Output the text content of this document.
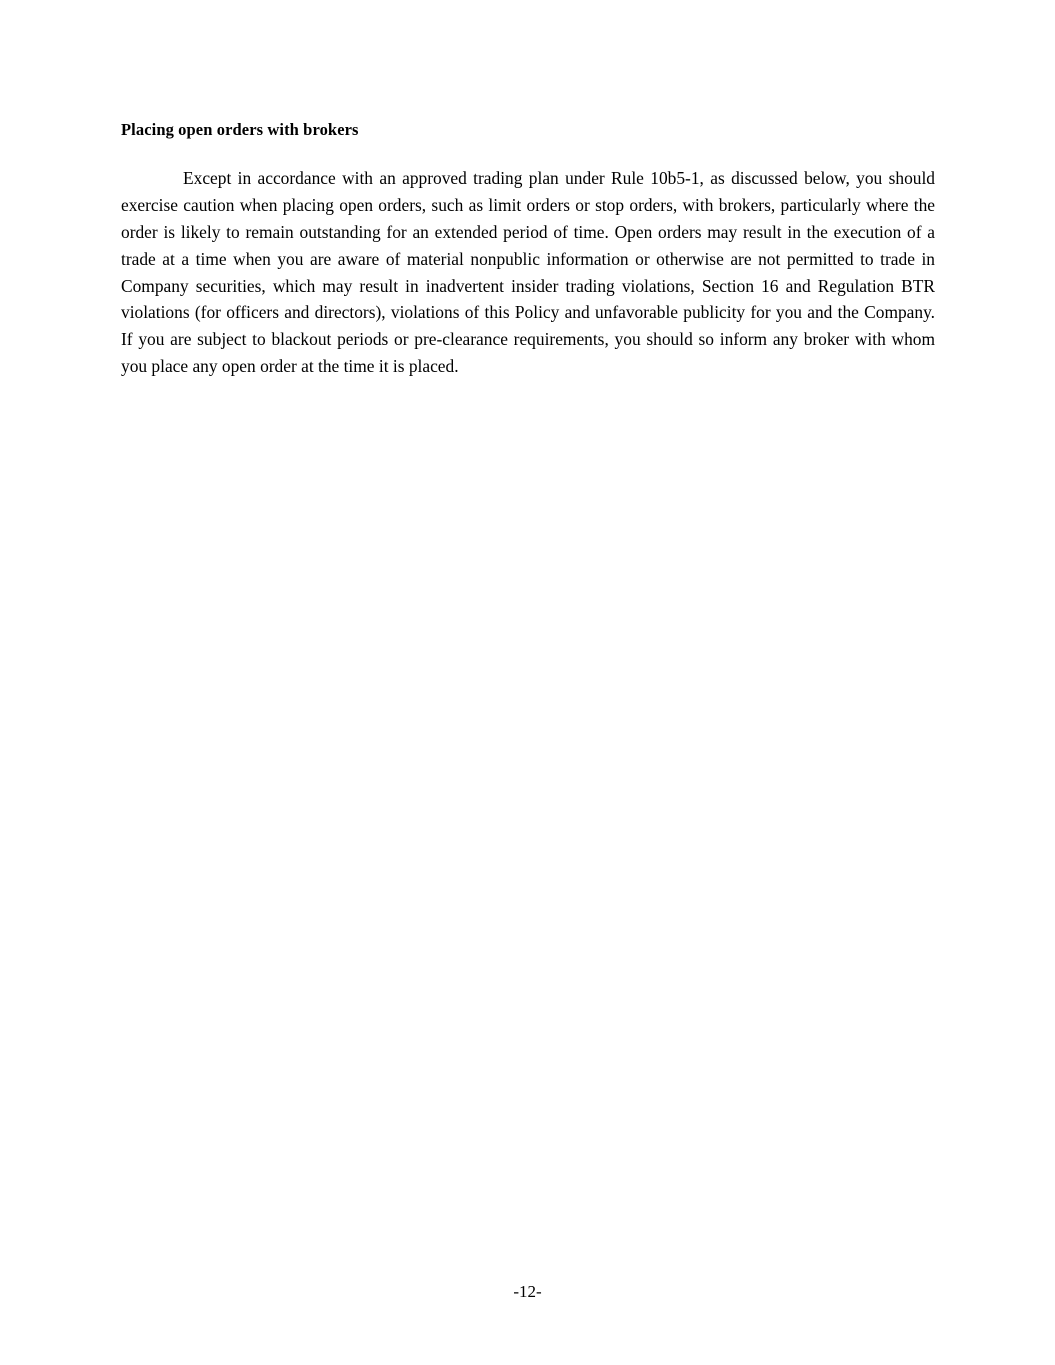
Placing open orders with brokers

Except in accordance with an approved trading plan under Rule 10b5-1, as discussed below, you should exercise caution when placing open orders, such as limit orders or stop orders, with brokers, particularly where the order is likely to remain outstanding for an extended period of time. Open orders may result in the execution of a trade at a time when you are aware of material nonpublic information or otherwise are not permitted to trade in Company securities, which may result in inadvertent insider trading violations, Section 16 and Regulation BTR violations (for officers and directors), violations of this Policy and unfavorable publicity for you and the Company. If you are subject to blackout periods or pre-clearance requirements, you should so inform any broker with whom you place any open order at the time it is placed.

-12-
